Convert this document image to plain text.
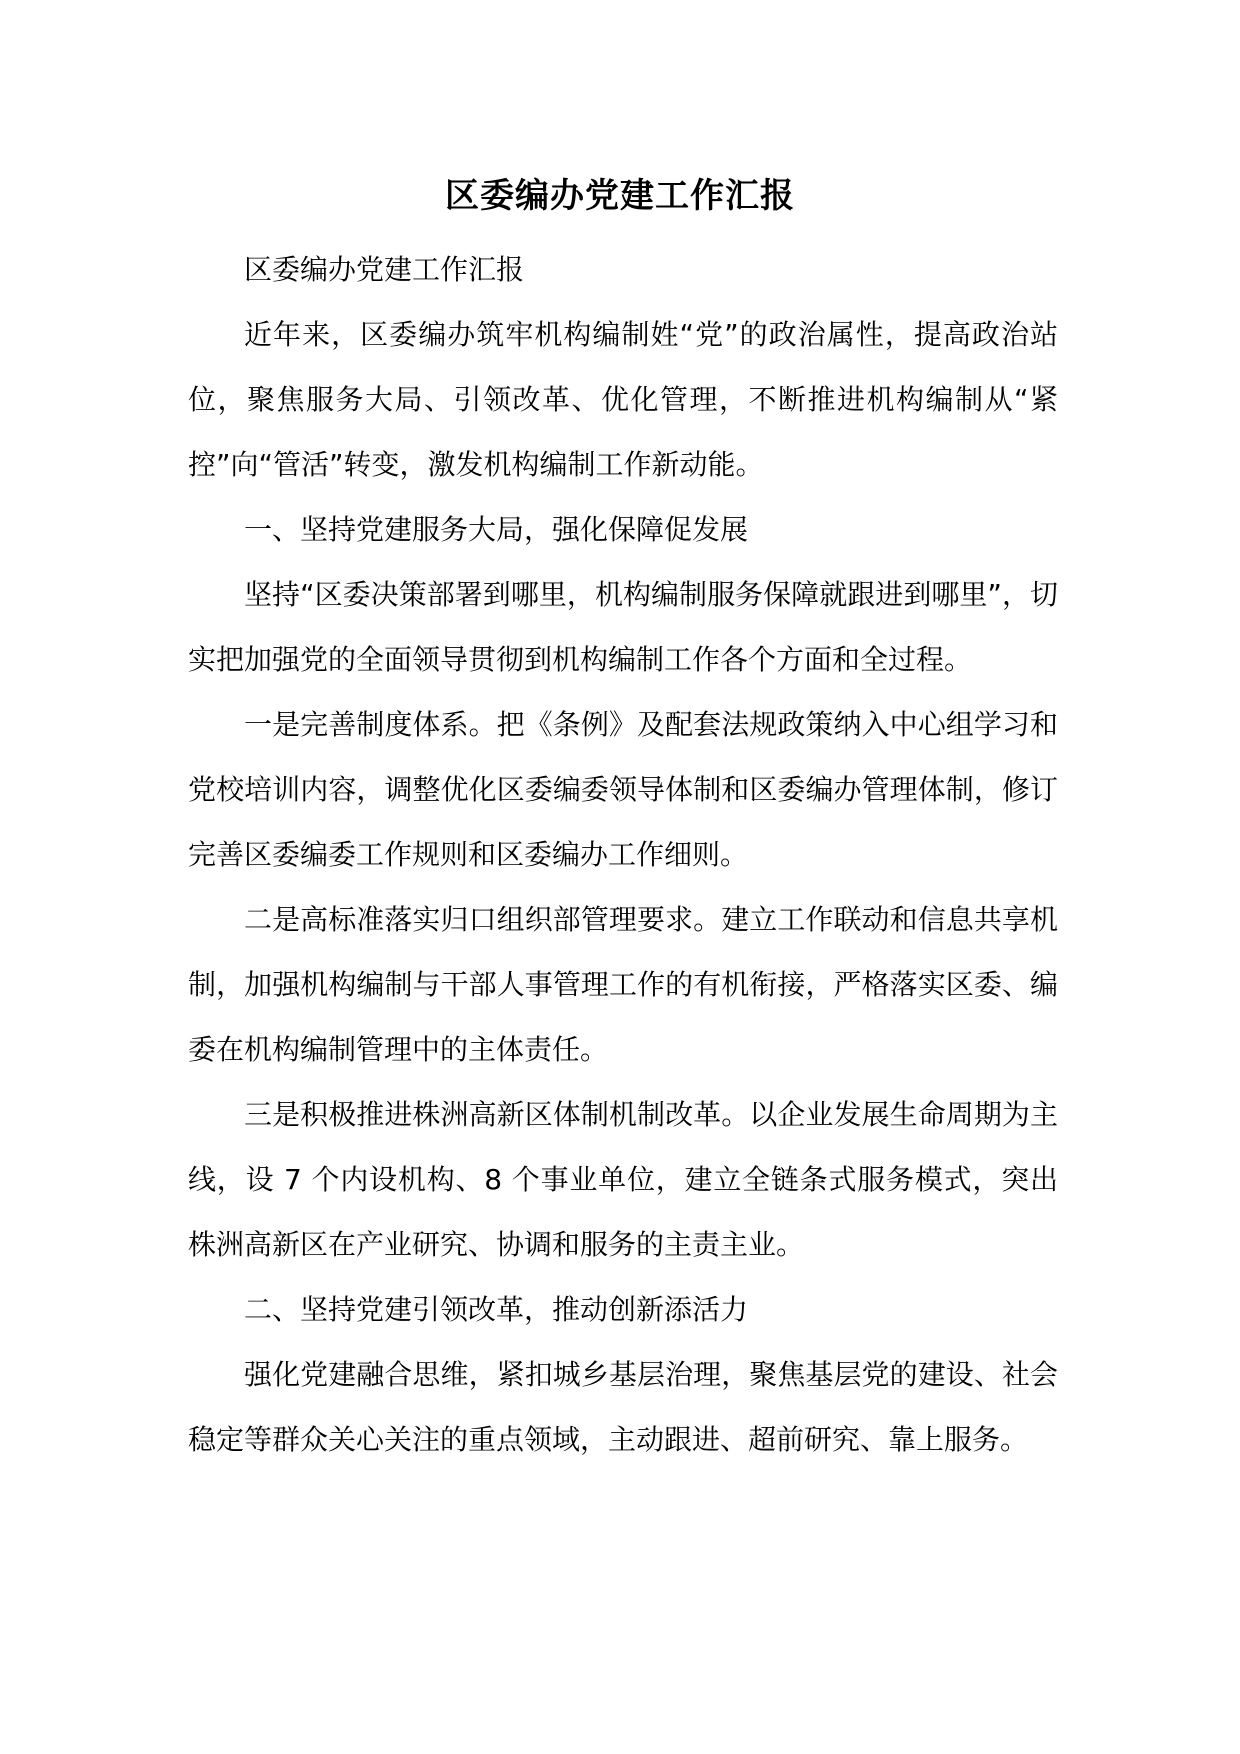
区委编办党建工作汇报

区委编办党建工作汇报

近年来，区委编办筑牢机构编制姓“党”的政治属性，提高政治站位，聚焦服务大局、引领改革、优化管理，不断推进机构编制从“紧控”向“管活”转变，激发机构编制工作新动能。

一、坚持党建服务大局，强化保障促发展

坚持“区委决策部署到哪里，机构编制服务保障就跟进到哪里”，切实把加强党的全面领导贯彻到机构编制工作各个方面和全过程。

一是完善制度体系。把《条例》及配套法规政策纳入中心组学习和党校培训内容，调整优化区委编委领导体制和区委编办管理体制，修订完善区委编委工作规则和区委编办工作细则。

二是高标准落实归口组织部管理要求。建立工作联动和信息共享机制，加强机构编制与干部人事管理工作的有机衔接，严格落实区委、编委在机构编制管理中的主体责任。

三是积极推进株洲高新区体制机制改革。以企业发展生命周期为主线，设 7 个内设机构、8 个事业单位，建立全链条式服务模式，突出株洲高新区在产业研究、协调和服务的主责主业。

二、坚持党建引领改革，推动创新添活力

强化党建融合思维，紧扣城乡基层治理，聚焦基层党的建设、社会稳定等群众关心关注的重点领域，主动跟进、超前研究、靠上服务。
